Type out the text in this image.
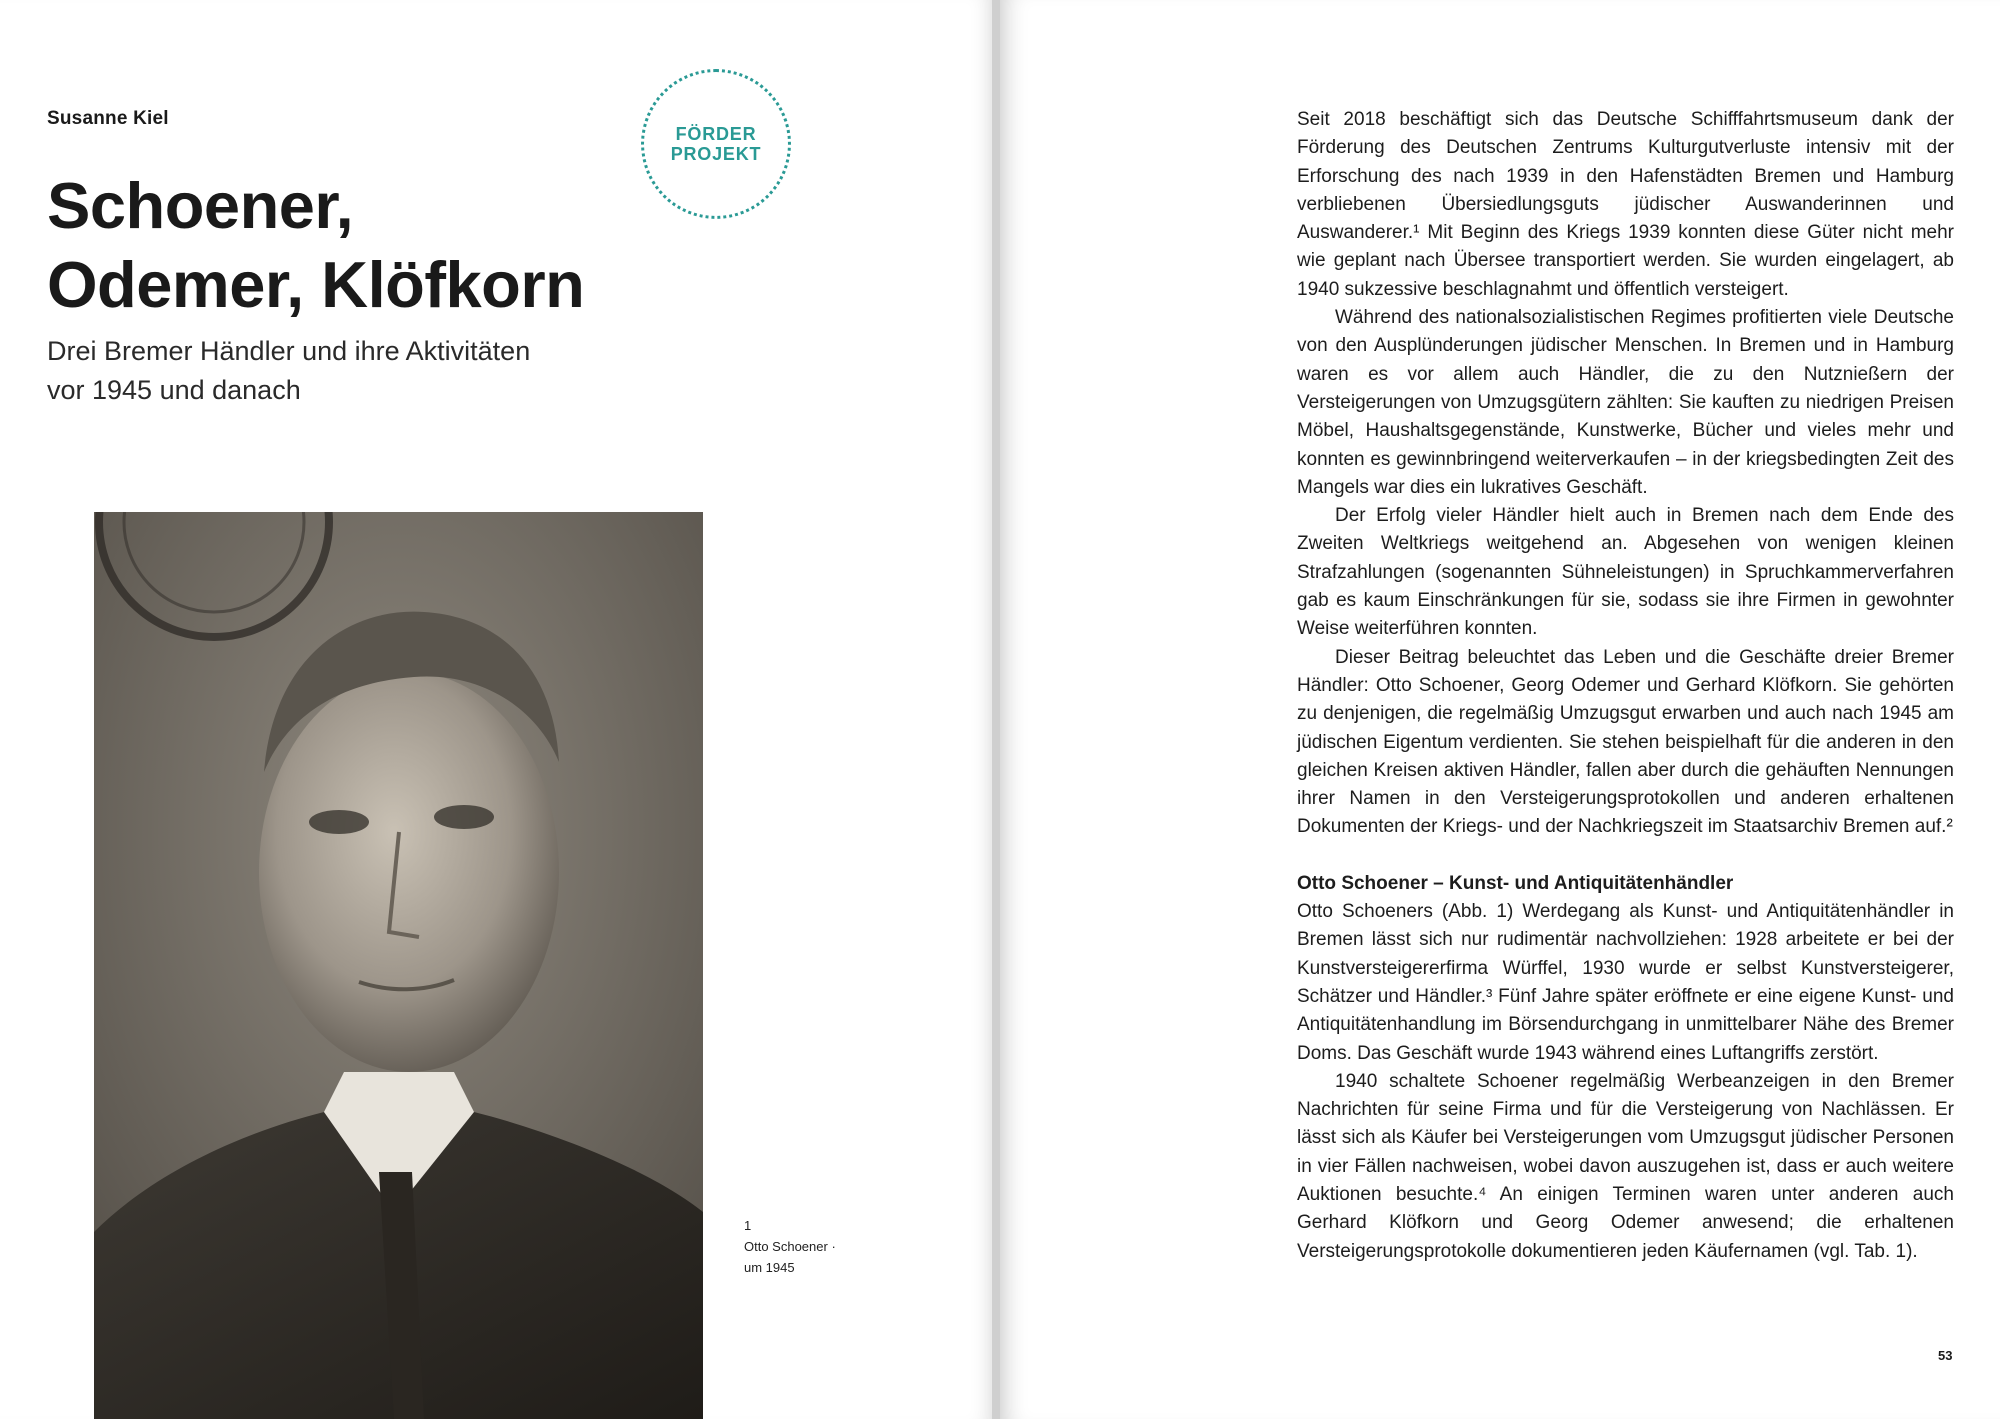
Susanne Kiel
FÖRDER
PROJEKT
Schoener,
Odemer, Klöfkorn
Drei Bremer Händler und ihre Aktivitäten
vor 1945 und danach
1
Otto Schoener ·
um 1945

Seit 2018 beschäftigt sich das Deutsche Schifffahrtsmuseum dank der Förderung des Deutschen Zentrums Kulturgutverluste intensiv mit der Erforschung des nach 1939 in den Hafenstädten Bremen und Hamburg verbliebenen Übersiedlungsguts jüdischer Auswanderinnen und Auswanderer.¹ Mit Beginn des Kriegs 1939 konnten diese Güter nicht mehr wie geplant nach Übersee transportiert werden. Sie wurden eingelagert, ab 1940 sukzessive beschlagnahmt und öffentlich versteigert.

Während des nationalsozialistischen Regimes profitierten viele Deutsche von den Ausplünderungen jüdischer Menschen. In Bremen und in Hamburg waren es vor allem auch Händler, die zu den Nutznießern der Versteigerungen von Umzugsgütern zählten: Sie kauften zu niedrigen Preisen Möbel, Haushaltsgegenstände, Kunstwerke, Bücher und vieles mehr und konnten es gewinnbringend weiterverkaufen – in der kriegsbedingten Zeit des Mangels war dies ein lukratives Geschäft.

Der Erfolg vieler Händler hielt auch in Bremen nach dem Ende des Zweiten Weltkriegs weitgehend an. Abgesehen von wenigen kleinen Strafzahlungen (sogenannten Sühneleistungen) in Spruchkammerverfahren gab es kaum Einschränkungen für sie, sodass sie ihre Firmen in gewohnter Weise weiterführen konnten.

Dieser Beitrag beleuchtet das Leben und die Geschäfte dreier Bremer Händler: Otto Schoener, Georg Odemer und Gerhard Klöfkorn. Sie gehörten zu denjenigen, die regelmäßig Umzugsgut erwarben und auch nach 1945 am jüdischen Eigentum verdienten. Sie stehen beispielhaft für die anderen in den gleichen Kreisen aktiven Händler, fallen aber durch die gehäuften Nennungen ihrer Namen in den Versteigerungsprotokollen und anderen erhaltenen Dokumenten der Kriegs- und der Nachkriegszeit im Staatsarchiv Bremen auf.²

Otto Schoener – Kunst- und Antiquitätenhändler

Otto Schoeners (Abb. 1) Werdegang als Kunst- und Antiquitätenhändler in Bremen lässt sich nur rudimentär nachvollziehen: 1928 arbeitete er bei der Kunstversteigererfirma Würffel, 1930 wurde er selbst Kunstversteigerer, Schätzer und Händler.³ Fünf Jahre später eröffnete er eine eigene Kunst- und Antiquitätenhandlung im Börsendurchgang in unmittelbarer Nähe des Bremer Doms. Das Geschäft wurde 1943 während eines Luftangriffs zerstört.

1940 schaltete Schoener regelmäßig Werbeanzeigen in den Bremer Nachrichten für seine Firma und für die Versteigerung von Nachlässen. Er lässt sich als Käufer bei Versteigerungen vom Umzugsgut jüdischer Personen in vier Fällen nachweisen, wobei davon auszugehen ist, dass er auch weitere Auktionen besuchte.⁴ An einigen Terminen waren unter anderen auch Gerhard Klöfkorn und Georg Odemer anwesend; die erhaltenen Versteigerungsprotokolle dokumentieren jeden Käufernamen (vgl. Tab. 1).

53
